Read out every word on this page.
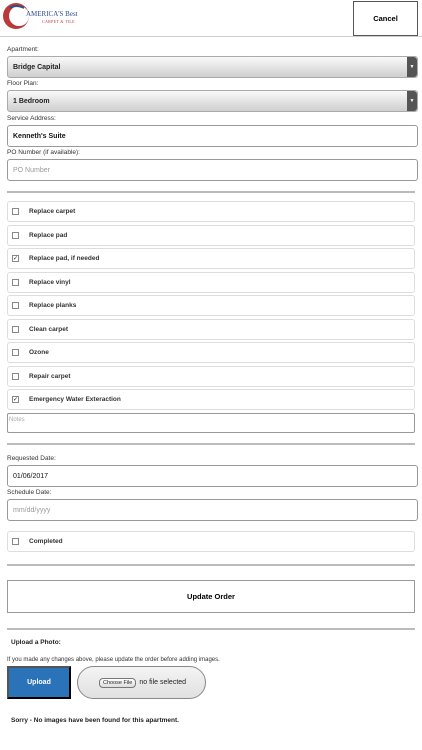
AMERICA'S Best
CARPET & TILE	Cancel
Apartment:
Bridge Capital	▼
Floor Plan:
1 Bedroom	▼
Service Address:
Kenneth's Suite
PO Number (if available):
PO Number
Replace carpet
Replace pad
✓ Replace pad, if needed
Replace vinyl
Replace planks
Clean carpet
Ozone
Repair carpet
✓ Emergency Water Exteraction
Notes
Requested Date:
01/06/2017
Schedule Date:
mm/dd/yyyy
Completed
Update Order
Upload a Photo:
If you made any changes above, please update the order before adding images.
Upload	Choose File	no file selected
Sorry - No images have been found for this apartment.
